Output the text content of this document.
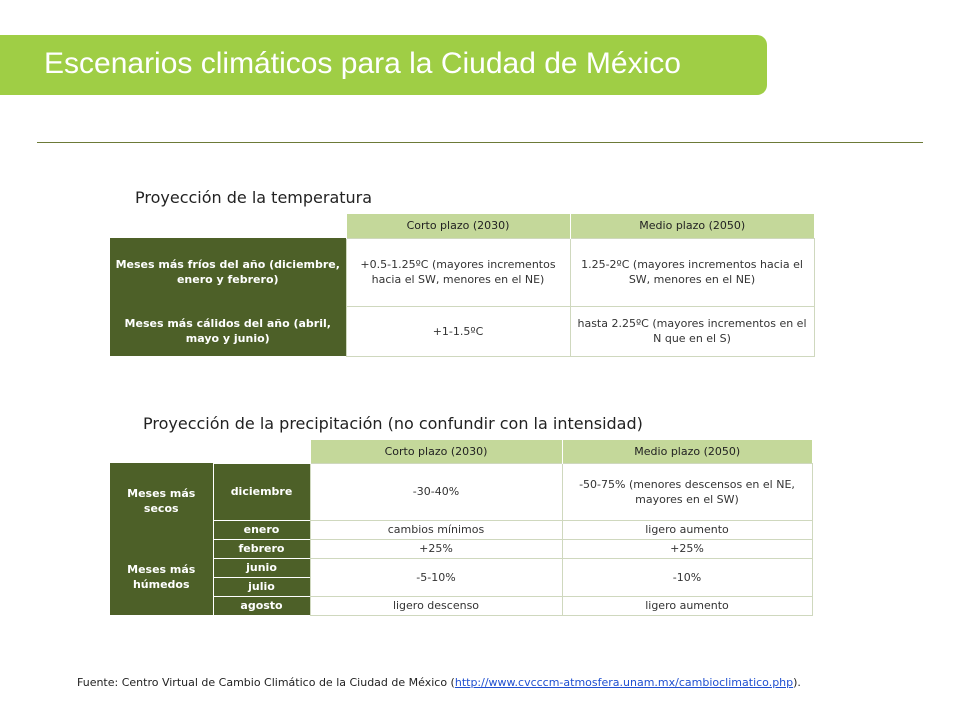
Escenarios climáticos para la Ciudad de México
Proyección de la temperatura
	Corto plazo (2030)	Medio plazo (2050)
Meses más fríos del año (diciembre, enero y febrero)	+0.5-1.25ºC (mayores incrementos hacia el SW, menores en el NE)	1.25-2ºC (mayores incrementos hacia el SW, menores en el NE)
Meses más cálidos del año (abril, mayo y junio)	+1-1.5ºC	hasta 2.25ºC (mayores incrementos en el N que en el S)
Proyección de la precipitación (no confundir con la intensidad)
		Corto plazo (2030)	Medio plazo (2050)
Meses más secos	diciembre	-30-40%	-50-75% (menores descensos en el NE, mayores en el SW)
	enero	cambios mínimos	ligero aumento
Meses más húmedos	febrero	+25%	+25%
	junio	-5-10%	-10%
	julio		
	agosto	ligero descenso	ligero aumento
Fuente: Centro Virtual de Cambio Climático de la Ciudad de México (http://www.cvcccm-atmosfera.unam.mx/cambioclimatico.php).
